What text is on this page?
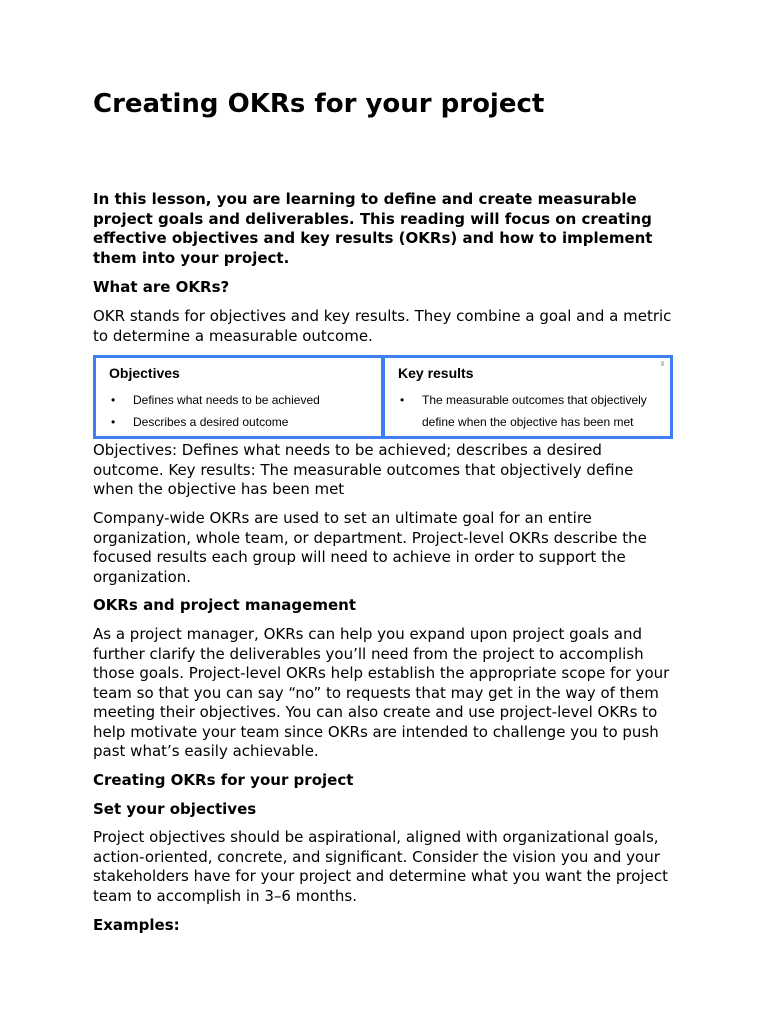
Creating OKRs for your project

In this lesson, you are learning to define and create measurable project goals and deliverables. This reading will focus on creating effective objectives and key results (OKRs) and how to implement them into your project.

What are OKRs?

OKR stands for objectives and key results. They combine a goal and a metric to determine a measurable outcome.

Objectives
• Defines what needs to be achieved
• Describes a desired outcome
Key results
• The measurable outcomes that objectively
define when the objective has been met

Objectives: Defines what needs to be achieved; describes a desired outcome. Key results: The measurable outcomes that objectively define when the objective has been met

Company-wide OKRs are used to set an ultimate goal for an entire organization, whole team, or department. Project-level OKRs describe the focused results each group will need to achieve in order to support the organization.

OKRs and project management

As a project manager, OKRs can help you expand upon project goals and further clarify the deliverables you’ll need from the project to accomplish those goals. Project-level OKRs help establish the appropriate scope for your team so that you can say “no” to requests that may get in the way of them meeting their objectives. You can also create and use project-level OKRs to help motivate your team since OKRs are intended to challenge you to push past what’s easily achievable.

Creating OKRs for your project

Set your objectives

Project objectives should be aspirational, aligned with organizational goals, action-oriented, concrete, and significant. Consider the vision you and your stakeholders have for your project and determine what you want the project team to accomplish in 3–6 months.

Examples:
